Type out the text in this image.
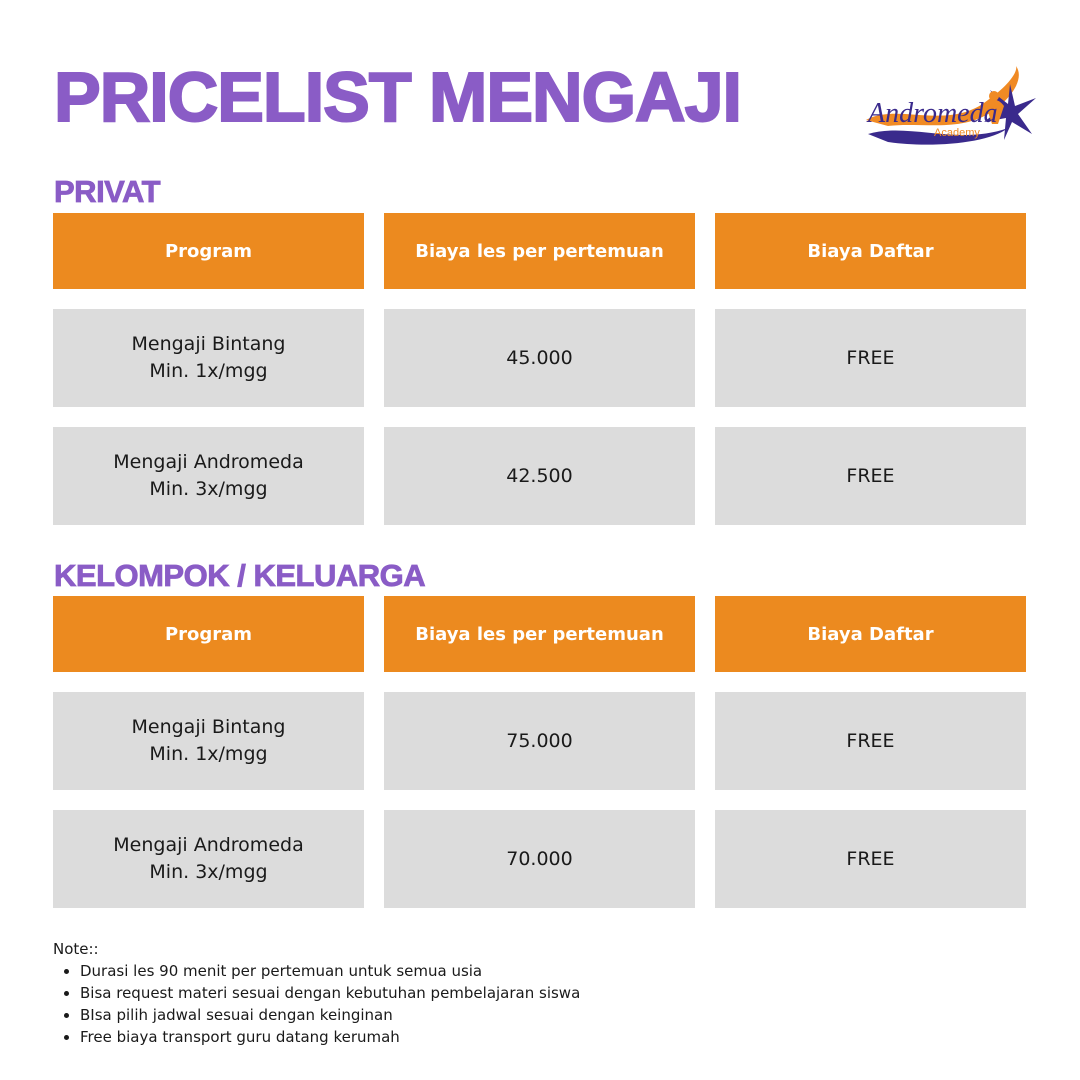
PRICELIST MENGAJI	Andromeda
Academy
PRIVAT
Program	Biaya les per pertemuan	Biaya Daftar
Mengaji Bintang
Min. 1x/mgg
45.000	FREE
Mengaji Andromeda
Min. 3x/mgg
42.500	FREE
KELOMPOK / KELUARGA
Program	Biaya les per pertemuan	Biaya Daftar
Mengaji Bintang
Min. 1x/mgg
75.000	FREE
Mengaji Andromeda
Min. 3x/mgg
70.000	FREE
Note::
• Durasi les 90 menit per pertemuan untuk semua usia
• Bisa request materi sesuai dengan kebutuhan pembelajaran siswa
• BIsa pilih jadwal sesuai dengan keinginan
• Free biaya transport guru datang kerumah
